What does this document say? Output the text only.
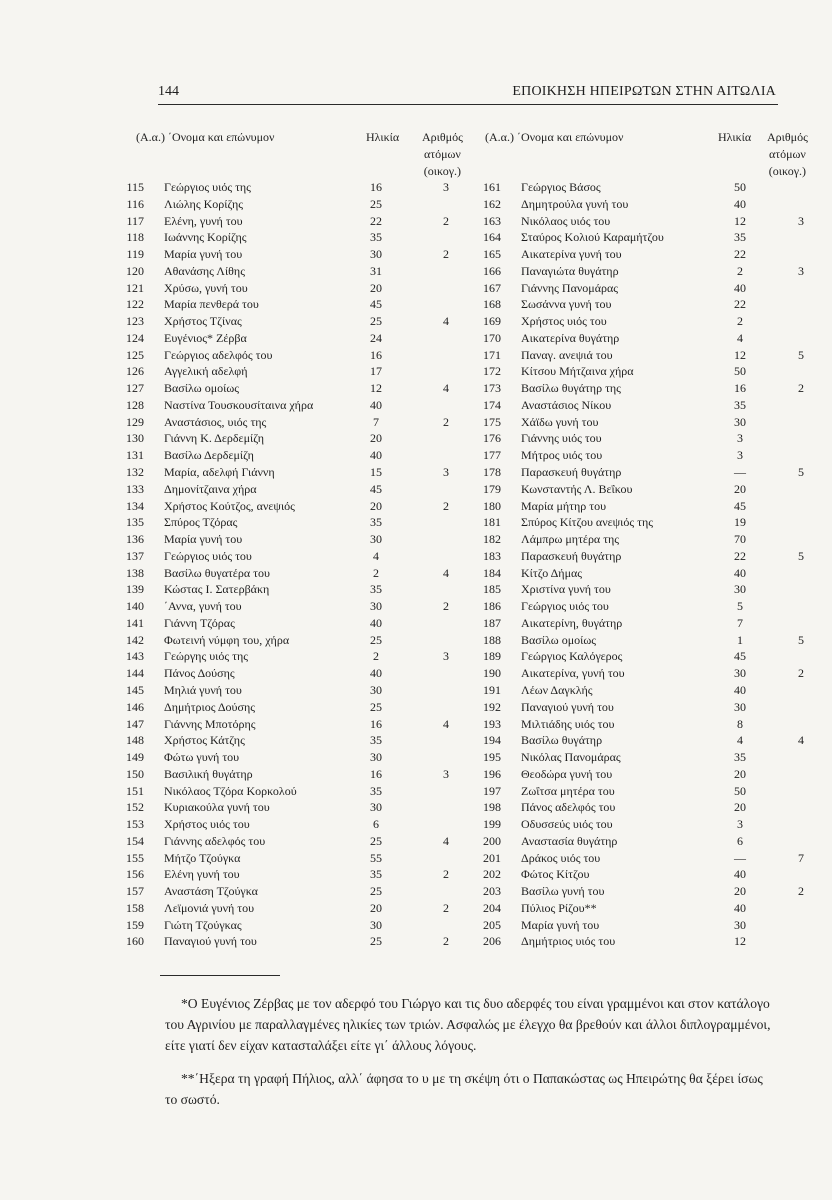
144	ΕΠΟΙΚΗΣΗ ΗΠΕΙΡΩΤΩΝ ΣΤΗΝ ΑΙΤΩΛΙΑ
(Α.α.) ΄Ονομα και επώνυμον	Ηλικία Αριθμός
ατόμων
(οικογ.)
115 Γεώργιος υιός της	16	3
116 Λιώλης Κορίζης	25
117 Ελένη, γυνή του	22	2
118 Ιωάννης Κορίζης	35
119 Μαρία γυνή του	30	2
120 Αθανάσης Λίθης	31
121 Χρύσω, γυνή του	20
122 Μαρία πενθερά του	45
123 Χρήστος Τζίνας	25	4
124 Ευγένιος* Ζέρβα	24
125 Γεώργιος αδελφός του	16
126 Αγγελική αδελφή	17
127 Βασίλω ομοίως	12	4
128 Ναστίνα Τουσκουσίταινα χήρα	40
129 Αναστάσιος, υιός της	7	2
130 Γιάννη Κ. Δερδεμίζη	20
131 Βασίλω Δερδεμίζη	40
132 Μαρία, αδελφή Γιάννη	15	3
133 Δημονίτζαινα χήρα	45
134 Χρήστος Κούτζος, ανεψιός	20	2
135 Σπύρος Τζόρας	35
136 Μαρία γυνή του	30
137 Γεώργιος υιός του	4
138 Βασίλω θυγατέρα του	2	4
139 Κώστας Ι. Σατερβάκη	35
140 ΄Αννα, γυνή του	30	2
141 Γιάννη Τζόρας	40
142 Φωτεινή νύμφη του, χήρα	25
143 Γεώργης υιός της	2	3
144 Πάνος Δούσης	40
145 Μηλιά γυνή του	30
146 Δημήτριος Δούσης	25
147 Γιάννης Μποτόρης	16	4
148 Χρήστος Κάτζης	35
149 Φώτω γυνή του	30
150 Βασιλική θυγάτηρ	16	3
151 Νικόλαος Τζόρα Κορκολού	35
152 Κυριακούλα γυνή του	30
153 Χρήστος υιός του	6
154 Γιάννης αδελφός του	25	4
155 Μήτζο Τζούγκα	55
156 Ελένη γυνή του	35	2
157 Αναστάση Τζούγκα	25
158 Λεϊμονιά γυνή του	20	2
159 Γιώτη Τζούγκας	30
160 Παναγιού γυνή του	25	2
(Α.α.) ΄Ονομα και επώνυμον	Ηλικία Αριθμός
ατόμων
(οικογ.)
161 Γεώργιος Βάσος	50
162 Δημητρούλα γυνή του	40
163 Νικόλαος υιός του	12	3
164 Σταύρος Κολιού Καραμήτζου	35
165 Αικατερίνα γυνή του	22
166 Παναγιώτα θυγάτηρ	2	3
167 Γιάννης Πανομάρας	40
168 Σωσάννα γυνή του	22
169 Χρήστος υιός του	2
170 Αικατερίνα θυγάτηρ	4
171 Παναγ. ανεψιά του	12	5
172 Κίτσου Μήτζαινα χήρα	50
173 Βασίλω θυγάτηρ της	16	2
174 Αναστάσιος Νίκου	35
175 Χάϊδω γυνή του	30
176 Γιάννης υιός του	3
177 Μήτρος υιός του	3
178 Παρασκευή θυγάτηρ	—	5
179 Κωνσταντής Λ. Βεΐκου	20
180 Μαρία μήτηρ του	45
181 Σπύρος Κίτζου ανεψιός της	19
182 Λάμπρω μητέρα της	70
183 Παρασκευή θυγάτηρ	22	5
184 Κίτζο Δήμας	40
185 Χριστίνα γυνή του	30
186 Γεώργιος υιός του	5
187 Αικατερίνη, θυγάτηρ	7
188 Βασίλω ομοίως	1	5
189 Γεώργιος Καλόγερος	45
190 Αικατερίνα, γυνή του	30	2
191 Λέων Δαγκλής	40
192 Παναγιού γυνή του	30
193 Μιλτιάδης υιός του	8
194 Βασίλω θυγάτηρ	4	4
195 Νικόλας Πανομάρας	35
196 Θεοδώρα γυνή του	20
197 Ζωΐτσα μητέρα του	50
198 Πάνος αδελφός του	20
199 Οδυσσεύς υιός του	3
200 Αναστασία θυγάτηρ	6
201 Δράκος υιός του	—	7
202 Φώτος Κίτζου	40
203 Βασίλω γυνή του	20	2
204 Πύλιος Ρίζου**	40
205 Μαρία γυνή του	30
206 Δημήτριος υιός του	12
*Ο Ευγένιος Ζέρβας με τον αδερφό του Γιώργο και τις δυο αδερφές του είναι γραμμένοι και στον κατάλογο του Αγρινίου με παραλλαγμένες ηλικίες των τριών. Ασφαλώς με έλεγχο θα βρεθούν και άλλοι διπλογραμμένοι, είτε γιατί δεν είχαν κατασταλάξει είτε γι΄ άλλους λόγους.
**΄Ηξερα τη γραφή Πήλιος, αλλ΄ άφησα το υ με τη σκέψη ότι ο Παπακώστας ως Ηπειρώτης θα ξέρει ίσως το σωστό.
